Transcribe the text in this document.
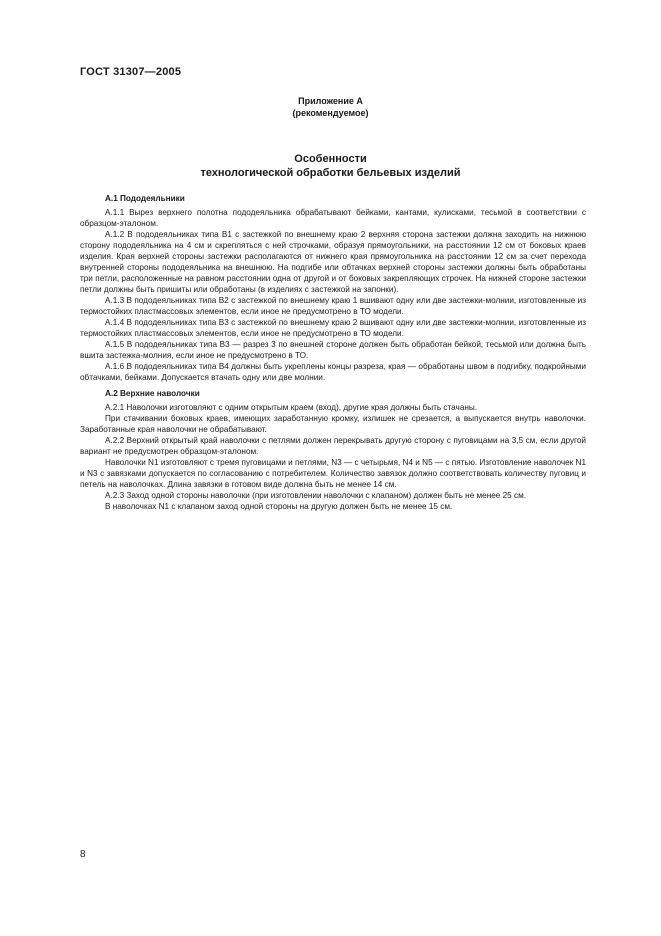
ГОСТ 31307—2005
Приложение А
(рекомендуемое)
Особенности
технологической обработки бельевых изделий
А.1 Пододеяльники

А.1.1 Вырез верхнего полотна пододеяльника обрабатывают бейками, кантами, кулисками, тесьмой в соответствии с образцом-эталоном.

А.1.2 В пододеяльниках типа В1 с застежкой по внешнему краю 2 верхняя сторона застежки должна заходить на нижнюю сторону пододеяльника на 4 см и скрепляться с ней строчками, образуя прямоугольники, на расстоянии 12 см от боковых краев изделия. Края верхней стороны застежки располагаются от нижнего края прямоугольника на расстоянии 12 см за счет перехода внутренней стороны пододеяльника на внешнюю. На подгибе или обтачках верхней стороны застежки должны быть обработаны три петли, расположенные на равном расстоянии одна от другой и от боковых закрепляющих строчек. На нижней стороне застежки петли должны быть пришиты или обработаны (в изделиях с застежкой на запонки).

А.1.3 В пододеяльниках типа В2 с застежкой по внешнему краю 1 вшивают одну или две застежки-молнии, изготовленные из термостойких пластмассовых элементов, если иное не предусмотрено в ТО модели.

А.1.4 В пододеяльниках типа В3 с застежкой по внешнему краю 2 вшивают одну или две застежки-молнии, изготовленные из термостойких пластмассовых элементов, если иное не предусмотрено в ТО модели.

А.1.5 В пододеяльниках типа В3 — разрез 3 по внешней стороне должен быть обработан бейкой, тесьмой или должна быть вшита застежка-молния, если иное не предусмотрено в ТО.

А.1.6 В пододеяльниках типа В4 должны быть укреплены концы разреза, края — обработаны швом в подгибку, подкройными обтачками, бейками. Допускается втачать одну или две молнии.

А.2 Верхние наволочки

А.2.1 Наволочки изготовляют с одним открытым краем (вход), другие края должны быть стачаны.

При стачивании боковых краев, имеющих заработанную кромку, излишек не срезается, а выпускается внутрь наволочки. Заработанные края наволочки не обрабатывают.

А.2.2 Верхний открытый край наволочки с петлями должен перекрывать другую сторону с пуговицами на 3,5 см, если другой вариант не предусмотрен образцом-эталоном.

Наволочки N1 изготовляют с тремя пуговицами и петлями, N3 — с четырьмя, N4 и N5 — с пятью. Изготовление наволочек N1 и N3 с завязками допускается по согласованию с потребителем. Количество завязок должно соответствовать количеству пуговиц и петель на наволочках. Длина завязки в готовом виде должна быть не менее 14 см.

А.2.3 Заход одной стороны наволочки (при изготовлении наволочки с клапаном) должен быть не менее 25 см.

В наволочках N1 с клапаном заход одной стороны на другую должен быть не менее 15 см.

8
